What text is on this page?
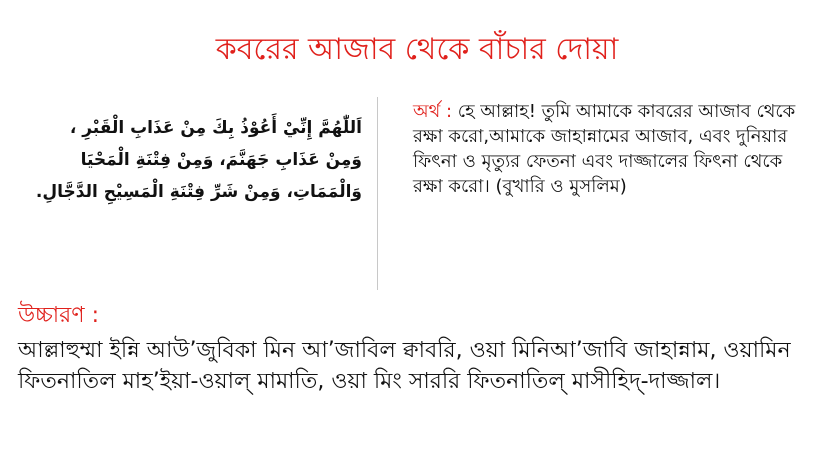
কবরের আজাব থেকে বাঁচার দোয়া
اَللّٰهُمَّ إِنِّيْ أَعُوْذُ بِكَ مِنْ عَذَابِ الْقَبْرِ ، وَمِنْ عَذَابِ جَهَنَّمَ، وَمِنْ فِتْنَةِ الْمَحْيَا وَالْمَمَاتِ، وَمِنْ شَرِّ فِتْنَةِ الْمَسِيْحِ الدَّجَّالِ.
অর্থ : হে আল্লাহ! তুমি আমাকে কাবরের আজাব থেকে রক্ষা করো,আমাকে জাহান্নামের আজাব, এবং দুনিয়ার ফিৎনা ও মৃত্যুর ফেতনা এবং দাজ্জালের ফিৎনা থেকে রক্ষা করো। (বুখারি ও মুসলিম)
উচ্চারণ :
আল্লাহুম্মা ইন্নি আউ’জুবিকা মিন আ’জাবিল ক্বাবরি, ওয়া মিনিআ’জাবি জাহান্নাম, ওয়ামিন ফিতনাতিল মাহ’ইয়া-ওয়াল্ মামাতি, ওয়া মিং সাররি ফিতনাতিল্ মাসীহিদ্-দাজ্জাল।
